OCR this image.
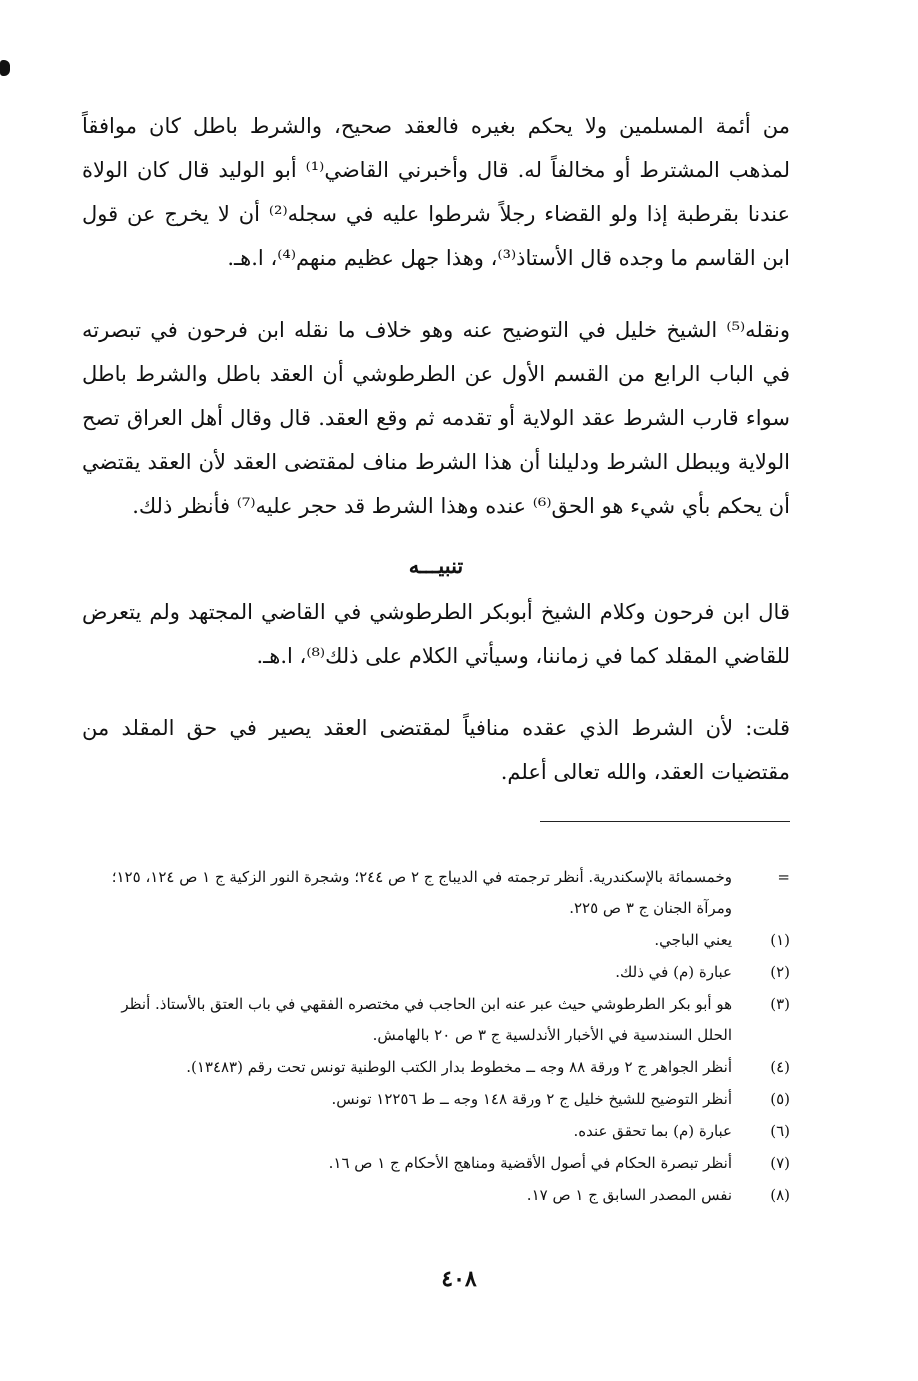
من أئمة المسلمين ولا يحكم بغيره فالعقد صحيح، والشرط باطل كان موافقاً لمذهب المشترط أو مخالفاً له. قال وأخبرني القاضي⁽¹⁾ أبو الوليد قال كان الولاة عندنا بقرطبة إذا ولو القضاء رجلاً شرطوا عليه في سجله⁽²⁾ أن لا يخرج عن قول ابن القاسم ما وجده قال الأستاذ⁽³⁾، وهذا جهل عظيم منهم⁽⁴⁾، ا.هـ.

ونقله⁽⁵⁾ الشيخ خليل في التوضيح عنه وهو خلاف ما نقله ابن فرحون في تبصرته في الباب الرابع من القسم الأول عن الطرطوشي أن العقد باطل والشرط باطل سواء قارب الشرط عقد الولاية أو تقدمه ثم وقع العقد. قال وقال أهل العراق تصح الولاية ويبطل الشرط ودليلنا أن هذا الشرط مناف لمقتضى العقد لأن العقد يقتضي أن يحكم بأي شيء هو الحق⁽⁶⁾ عنده وهذا الشرط قد حجر عليه⁽⁷⁾ فأنظر ذلك.

تنبيـــه

قال ابن فرحون وكلام الشيخ أبوبكر الطرطوشي في القاضي المجتهد ولم يتعرض للقاضي المقلد كما في زماننا، وسيأتي الكلام على ذلك⁽⁸⁾، ا.هـ.

قلت: لأن الشرط الذي عقده منافياً لمقتضى العقد يصير في حق المقلد من مقتضيات العقد، والله تعالى أعلم.

=
وخمسمائة بالإسكندرية. أنظر ترجمته في الديباج ج ٢ ص ٢٤٤؛ وشجرة النور الزكية ج ١ ص ١٢٤، ١٢٥؛ ومرآة الجنان ج ٣ ص ٢٢٥.
(١)
يعني الباجي.
(٢)
عبارة (م) في ذلك.
(٣)
هو أبو بكر الطرطوشي حيث عبر عنه ابن الحاجب في مختصره الفقهي في باب العتق بالأستاذ. أنظر الحلل السندسية في الأخبار الأندلسية ج ٣ ص ٢٠ بالهامش.
(٤)
أنظر الجواهر ج ٢ ورقة ٨٨ وجه ــ مخطوط بدار الكتب الوطنية تونس تحت رقم (١٣٤٨٣).
(٥)
أنظر التوضيح للشيخ خليل ج ٢ ورقة ١٤٨ وجه ــ ط ١٢٢٥٦ تونس.
(٦)
عبارة (م) بما تحقق عنده.
(٧)
أنظر تبصرة الحكام في أصول الأقضية ومناهج الأحكام ج ١ ص ١٦.
(٨)
نفس المصدر السابق ج ١ ص ١٧.
٤٠٨
